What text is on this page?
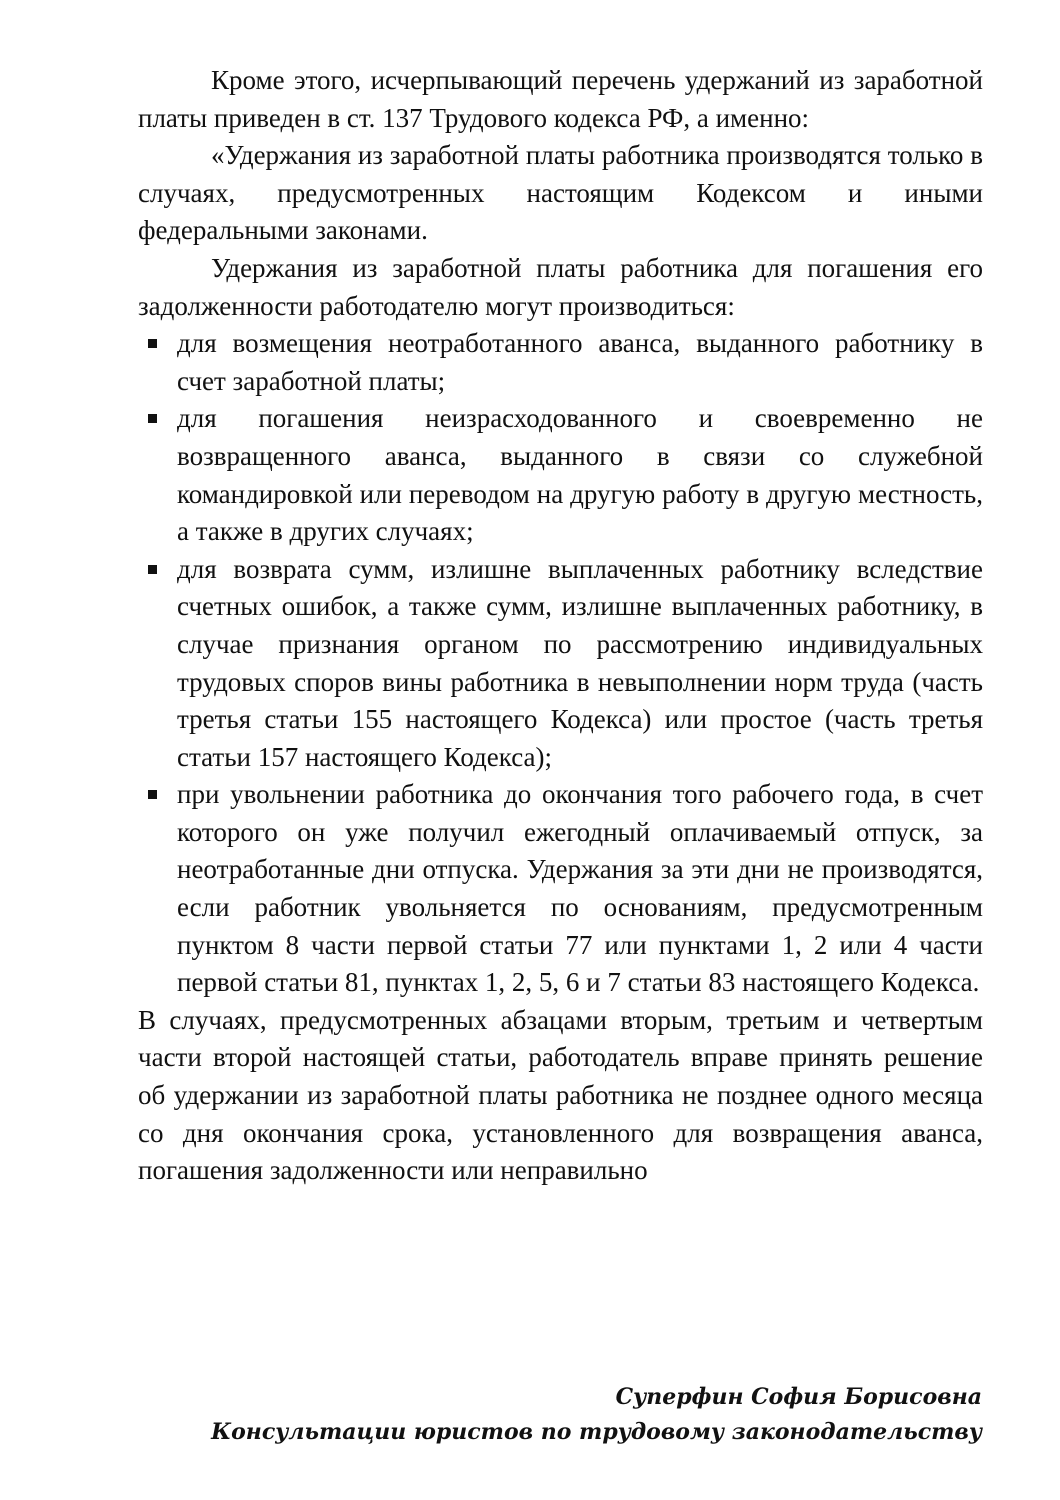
Кроме этого, исчерпывающий перечень удержаний из заработной платы приведен в ст. 137 Трудового кодекса РФ, а именно:

«Удержания из заработной платы работника производятся только в случаях, предусмотренных настоящим Кодексом и иными федеральными законами.

Удержания из заработной платы работника для погашения его задолженности работодателю могут производиться:

для возмещения неотработанного аванса, выданного работнику в счет заработной платы;
для погашения неизрасходованного и своевременно не возвращенного аванса, выданного в связи со служебной командировкой или переводом на другую работу в другую местность, а также в других случаях;
для возврата сумм, излишне выплаченных работнику вследствие счетных ошибок, а также сумм, излишне выплаченных работнику, в случае признания органом по рассмотрению индивидуальных трудовых споров вины работника в невыполнении норм труда (часть третья статьи 155 настоящего Кодекса) или простое (часть третья статьи 157 настоящего Кодекса);
при увольнении работника до окончания того рабочего года, в счет которого он уже получил ежегодный оплачиваемый отпуск, за неотработанные дни отпуска. Удержания за эти дни не производятся, если работник увольняется по основаниям, предусмотренным пунктом 8 части первой статьи 77 или пунктами 1, 2 или 4 части первой статьи 81, пунктах 1, 2, 5, 6 и 7 статьи 83 настоящего Кодекса.

В случаях, предусмотренных абзацами вторым, третьим и четвертым части второй настоящей статьи, работодатель вправе принять решение об удержании из заработной платы работника не позднее одного месяца со дня окончания срока, установленного для возвращения аванса, погашения задолженности или неправильно

Суперфин София Борисовна
Консультации юристов по трудовому законодательству
